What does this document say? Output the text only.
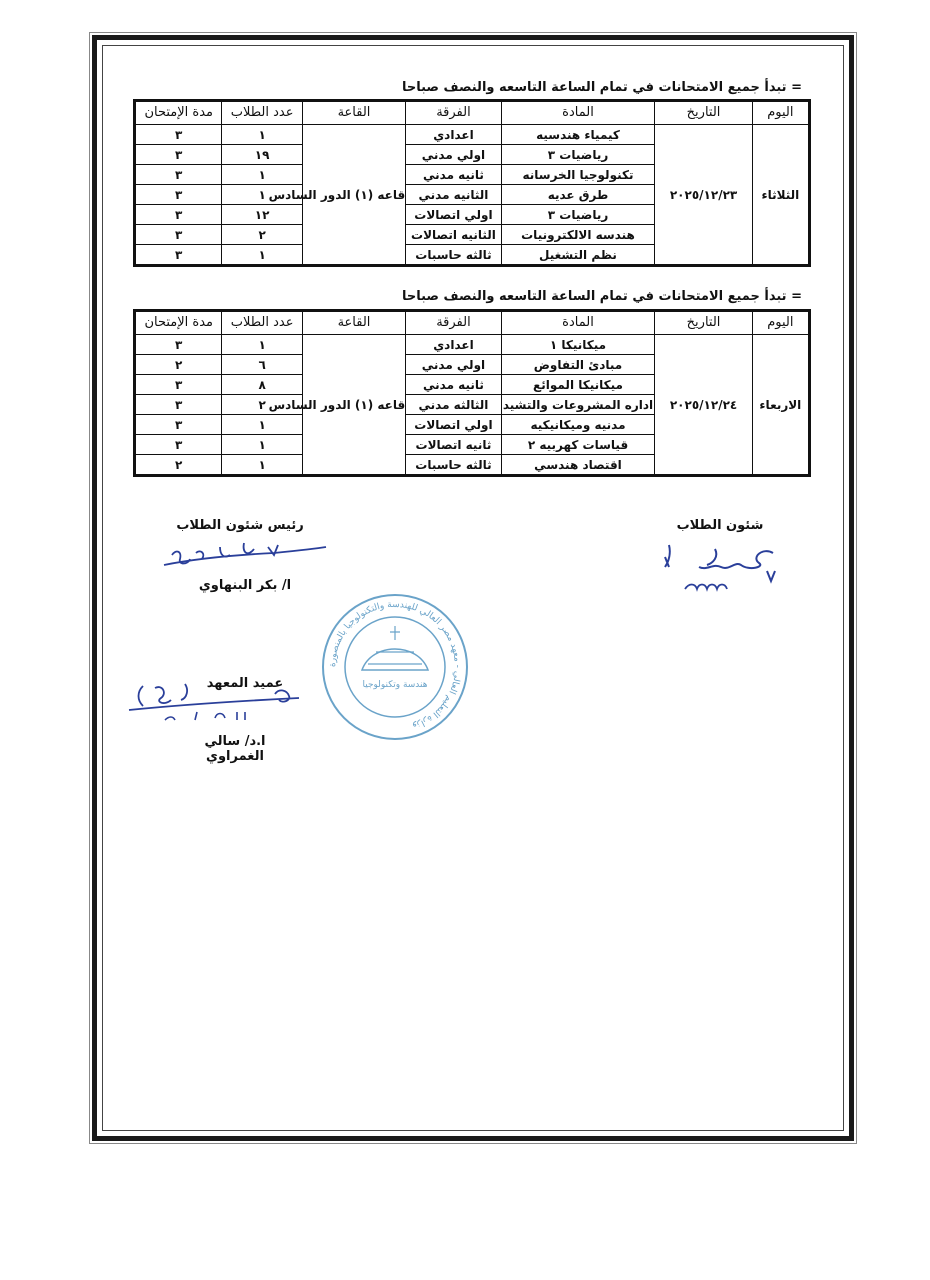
= تبدأ جميع الامتحانات في تمام الساعة التاسعه والنصف صباحا
اليوم	التاريخ	المادة	الفرقة	القاعة	عدد الطلاب	مدة الإمتحان
الثلاثاء	٢٠٢٥/١٢/٢٣	كيمياء هندسيه	اعدادي	قاعه (١) الدور السادس	١	٣
		رياضيات ٣	اولي مدني		١٩	٣
		تكنولوجيا الخرسانه	ثانيه مدني		١	٣
		طرق عديه	الثانيه مدني		١	٣
		رياضيات ٣	اولي اتصالات		١٢	٣
		هندسه الالكترونيات	الثانيه اتصالات		٢	٣
		نظم التشغيل	ثالثه حاسبات		١	٣
= تبدأ جميع الامتحانات في تمام الساعة التاسعه والنصف صباحا
اليوم	التاريخ	المادة	الفرقة	القاعة	عدد الطلاب	مدة الإمتحان
الاربعاء	٢٠٢٥/١٢/٢٤	ميكانيكا ١	اعدادي	قاعه (١) الدور السادس	١	٣
		مبادئ التفاوض	اولي مدني		٦	٢
		ميكانيكا الموائع	ثانيه مدني		٨	٣
		اداره المشروعات والتشيد	الثالثه مدني		٢	٣
		مدنيه وميكانيكيه	اولي اتصالات		١	٣
		قياسات كهربيه ٢	ثانيه اتصالات		١	٣
		اقتصاد هندسي	ثالثه حاسبات		١	٢
شئون الطلاب
رئيس شئون الطلاب
ا/ بكر البنهاوي
عميد المعهد
ا.د/ سالي الغمراوي
وزارة التعليم العالي - معهد مصر العالي للهندسة والتكنولوجيا بالمنصورة
هندسة وتكنولوجيا
